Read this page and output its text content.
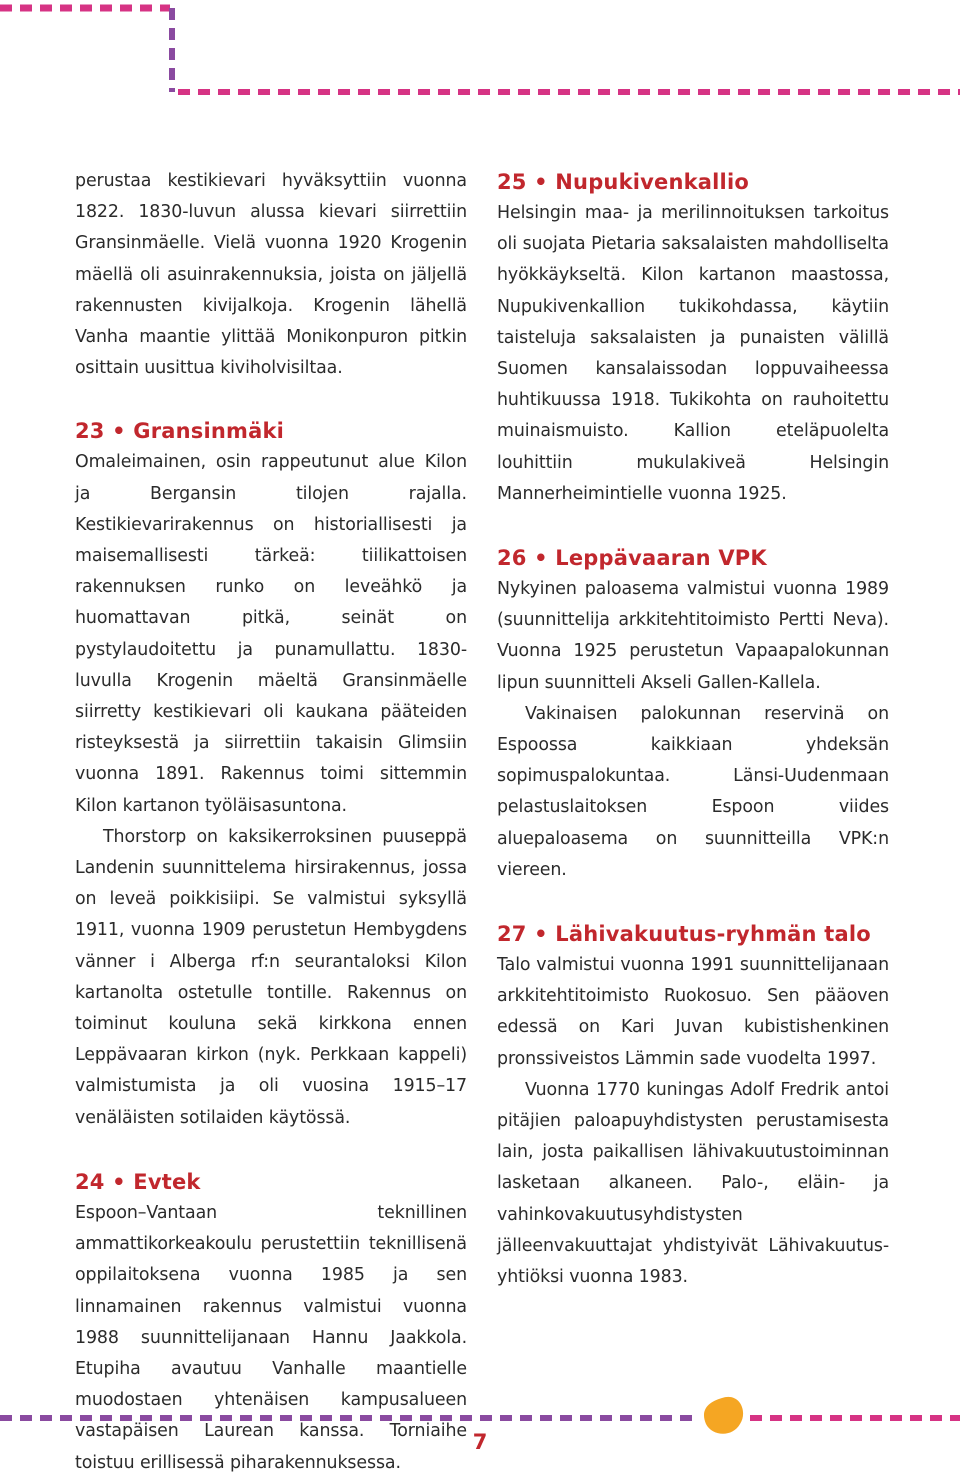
perustaa kestikievari hyväksyttiin vuonna 1822. 1830-luvun alussa kievari siirrettiin Gransinmäelle. Vielä vuonna 1920 Krogenin mäellä oli asuinrakennuksia, joista on jäljellä rakennusten kivijalkoja. Krogenin lähellä Vanha maantie ylittää Monikonpuron pitkin osittain uusittua kiviholvisiltaa.

23 • Gransinmäki

Omaleimainen, osin rappeutunut alue Kilon ja Bergansin tilojen rajalla. Kestikievarirakennus on historiallisesti ja maisemallisesti tärkeä: tiilikattoisen rakennuksen runko on leveähkö ja huomattavan pitkä, seinät on pystylaudoitettu ja punamullattu. 1830-luvulla Krogenin mäeltä Gransinmäelle siirretty kestikievari oli kaukana pääteiden risteyksestä ja siirrettiin takaisin Glimsiin vuonna 1891. Rakennus toimi sittemmin Kilon kartanon työläisasuntona.

Thorstorp on kaksikerroksinen puuseppä Landenin suunnittelema hirsirakennus, jossa on leveä poikkisiipi. Se valmistui syksyllä 1911, vuonna 1909 perustetun Hembygdens vänner i Alberga rf:n seurantaloksi Kilon kartanolta ostetulle tontille. Rakennus on toiminut kouluna sekä kirkkona ennen Leppävaaran kirkon (nyk. Perkkaan kappeli) valmistumista ja oli vuosina 1915–17 venäläisten sotilaiden käytössä.

24 • Evtek

Espoon–Vantaan teknillinen ammattikorkeakoulu perustettiin teknillisenä oppilaitoksena vuonna 1985 ja sen linnamainen rakennus valmistui vuonna 1988 suunnittelijanaan Hannu Jaakkola. Etupiha avautuu Vanhalle maantielle muodostaen yhtenäisen kampusalueen vastapäisen Laurean kanssa. Torniaihe toistuu erillisessä piharakennuksessa.

25 • Nupukivenkallio

Helsingin maa- ja merilinnoituksen tarkoitus oli suojata Pietaria saksalaisten mahdolliselta hyökkäykseltä. Kilon kartanon maastossa, Nupukivenkallion tukikohdassa, käytiin taisteluja saksalaisten ja punaisten välillä Suomen kansalaissodan loppuvaiheessa huhtikuussa 1918. Tukikohta on rauhoitettu muinaismuisto. Kallion eteläpuolelta louhittiin mukulakiveä Helsingin Mannerheimintielle vuonna 1925.

26 • Leppävaaran VPK

Nykyinen paloasema valmistui vuonna 1989 (suunnittelija arkkitehtitoimisto Pertti Neva). Vuonna 1925 perustetun Vapaapalokunnan lipun suunnitteli Akseli Gallen-Kallela.

Vakinaisen palokunnan reservinä on Espoossa kaikkiaan yhdeksän sopimuspalokuntaa. Länsi-Uudenmaan pelastuslaitoksen Espoon viides aluepaloasema on suunnitteilla VPK:n viereen.

27 • Lähivakuutus-ryhmän talo

Talo valmistui vuonna 1991 suunnittelijanaan arkkitehtitoimisto Ruokosuo. Sen pääoven edessä on Kari Juvan kubistishenkinen pronssiveistos Lämmin sade vuodelta 1997.

Vuonna 1770 kuningas Adolf Fredrik antoi pitäjien paloapuyhdistysten perustamisesta lain, josta paikallisen lähivakuutustoiminnan lasketaan alkaneen. Palo-, eläin- ja vahinkovakuutusyhdistysten jälleenvakuuttajat yhdistyivät Lähivakuutus-yhtiöksi vuonna 1983.

7
